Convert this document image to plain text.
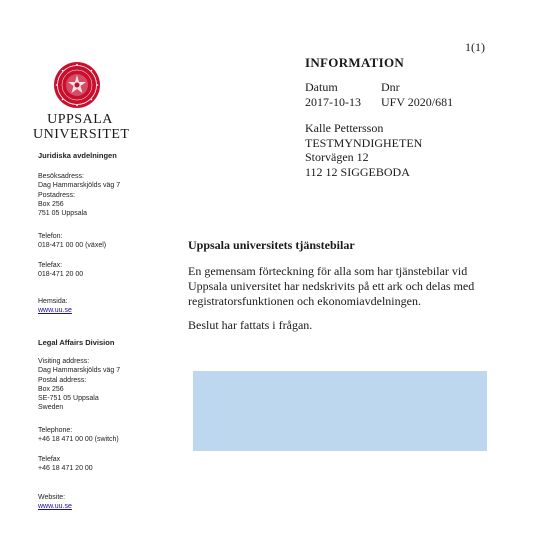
1(1)
UPPSALA
UNIVERSITET
Juridiska avdelningen
Besöksadress:
Dag Hammarskjölds väg 7
Postadress:
Box 256
751 05 Uppsala
Telefon:
018-471 00 00 (växel)
Telefax:
018-471 20 00
Hemsida:
www.uu.se
Legal Affairs Division
Visiting address:
Dag Hammarskjölds väg 7
Postal address:
Box 256
SE-751 05 Uppsala
Sweden
Telephone:
+46 18 471 00 00 (switch)
Telefax
+46 18 471 20 00
Website:
www.uu.se
INFORMATION
Datum
2017-10-13
Dnr
UFV 2020/681
Kalle Pettersson
TESTMYNDIGHETEN
Storvägen 12
112 12 SIGGEBODA
Uppsala universitets tjänstebilar
En gemensam förteckning för alla som har tjänstebilar vid Uppsala universitet har nedskrivits på ett ark och delas med registratorsfunktionen och ekonomiavdelningen.
Beslut har fattats i frågan.
